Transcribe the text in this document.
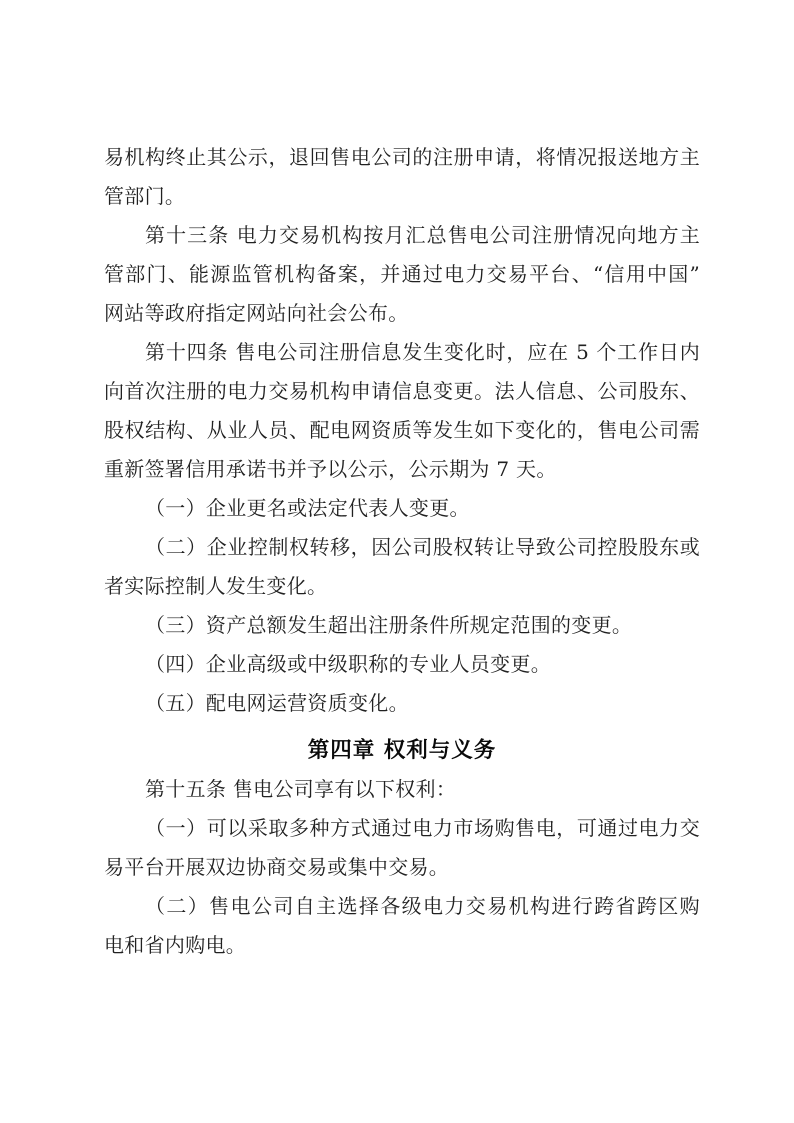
易机构终止其公示，退回售电公司的注册申请，将情况报送地方主
管部门。
第十三条 电力交易机构按月汇总售电公司注册情况向地方主
管部门、能源监管机构备案，并通过电力交易平台、“信用中国”
网站等政府指定网站向社会公布。
第十四条 售电公司注册信息发生变化时，应在 5 个工作日内
向首次注册的电力交易机构申请信息变更。法人信息、公司股东、
股权结构、从业人员、配电网资质等发生如下变化的，售电公司需
重新签署信用承诺书并予以公示，公示期为 7 天。
（一）企业更名或法定代表人变更。
（二）企业控制权转移，因公司股权转让导致公司控股股东或
者实际控制人发生变化。
（三）资产总额发生超出注册条件所规定范围的变更。
（四）企业高级或中级职称的专业人员变更。
（五）配电网运营资质变化。
第四章 权利与义务
第十五条 售电公司享有以下权利：
（一）可以采取多种方式通过电力市场购售电，可通过电力交
易平台开展双边协商交易或集中交易。
（二）售电公司自主选择各级电力交易机构进行跨省跨区购
电和省内购电。
